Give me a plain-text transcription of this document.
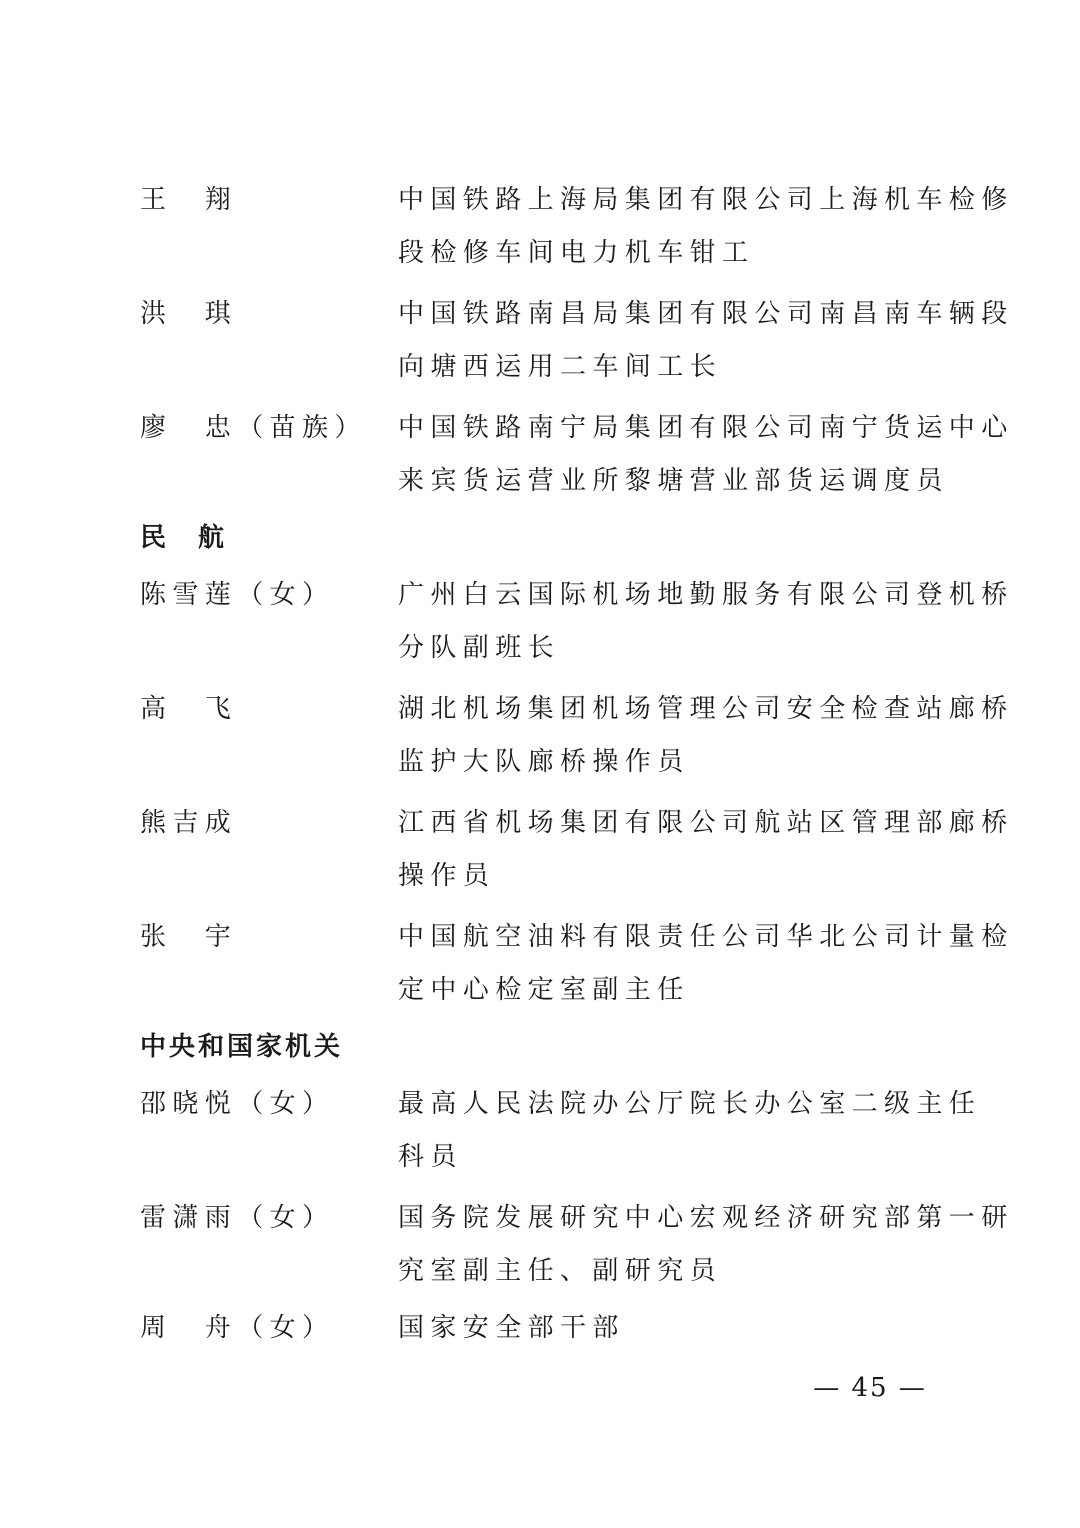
王　翔	中国铁路上海局集团有限公司上海机车检修
段检修车间电力机车钳工
洪　琪	中国铁路南昌局集团有限公司南昌南车辆段
向塘西运用二车间工长
廖　忠（苗族）	中国铁路南宁局集团有限公司南宁货运中心
来宾货运营业所黎塘营业部货运调度员
民　航
陈雪莲（女）	广州白云国际机场地勤服务有限公司登机桥
分队副班长
高　飞	湖北机场集团机场管理公司安全检查站廊桥
监护大队廊桥操作员
熊吉成	江西省机场集团有限公司航站区管理部廊桥
操作员
张　宇	中国航空油料有限责任公司华北公司计量检
定中心检定室副主任
中央和国家机关
邵晓悦（女）	最高人民法院办公厅院长办公室二级主任
科员
雷潇雨（女）	国务院发展研究中心宏观经济研究部第一研
究室副主任、副研究员
周　舟（女）	国家安全部干部
— 45 —
